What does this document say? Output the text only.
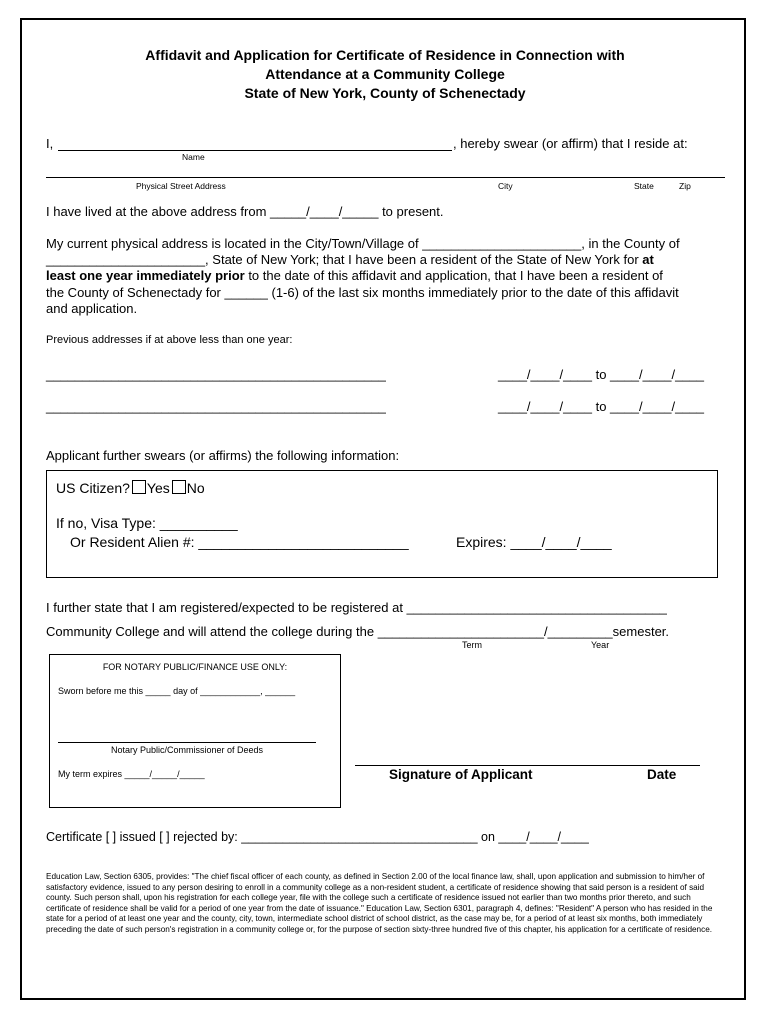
Affidavit and Application for Certificate of Residence in Connection with
Attendance at a Community College
State of New York, County of Schenectady
I,	, hereby swear (or affirm) that I reside at:
Name
Physical Street Address	City	State	Zip
I have lived at the above address from _____/____/_____ to present.
My current physical address is located in the City/Town/Village of ______________________, in the County of
______________________, State of New York; that I have been a resident of the State of New York for at
least one year immediately prior to the date of this affidavit and application, that I have been a resident of
the County of Schenectady for ______ (1-6) of the last six months immediately prior to the date of this affidavit
and application.
Previous addresses if at above less than one year:
_______________________________________________	____/____/____ to ____/____/____
_______________________________________________	____/____/____ to ____/____/____
Applicant further swears (or affirms) the following information:
US Citizen? Yes No
If no, Visa Type: __________
Or Resident Alien #: ___________________________	Expires: ____/____/____
I further state that I am registered/expected to be registered at ____________________________________
Community College and will attend the college during the _______________________/_________semester.
Term	Year
FOR NOTARY PUBLIC/FINANCE USE ONLY:
Sworn before me this _____ day of ____________, ______
Notary Public/Commissioner of Deeds
My term expires _____/_____/_____	Signature of Applicant	Date
Certificate [ ] issued [ ] rejected by: __________________________________ on ____/____/____
Education Law, Section 6305, provides: "The chief fiscal officer of each county, as defined in Section 2.00 of the local finance law, shall, upon application and submission to him/her of satisfactory evidence, issued to any person desiring to enroll in a community college as a non-resident student, a certificate of residence showing that said person is a resident of said county. Such person shall, upon his registration for each college year, file with the college such a certificate of residence issued not earlier than two months prior thereto, and such certificate of residence shall be valid for a period of one year from the date of issuance." Education Law, Section 6301, paragraph 4, defines: "Resident" A person who has resided in the state for a period of at least one year and the county, city, town, intermediate school district of school district, as the case may be, for a period of at least six months, both immediately preceding the date of such person's registration in a community college or, for the purpose of section sixty-three hundred five of this chapter, his application for a certificate of residence.
